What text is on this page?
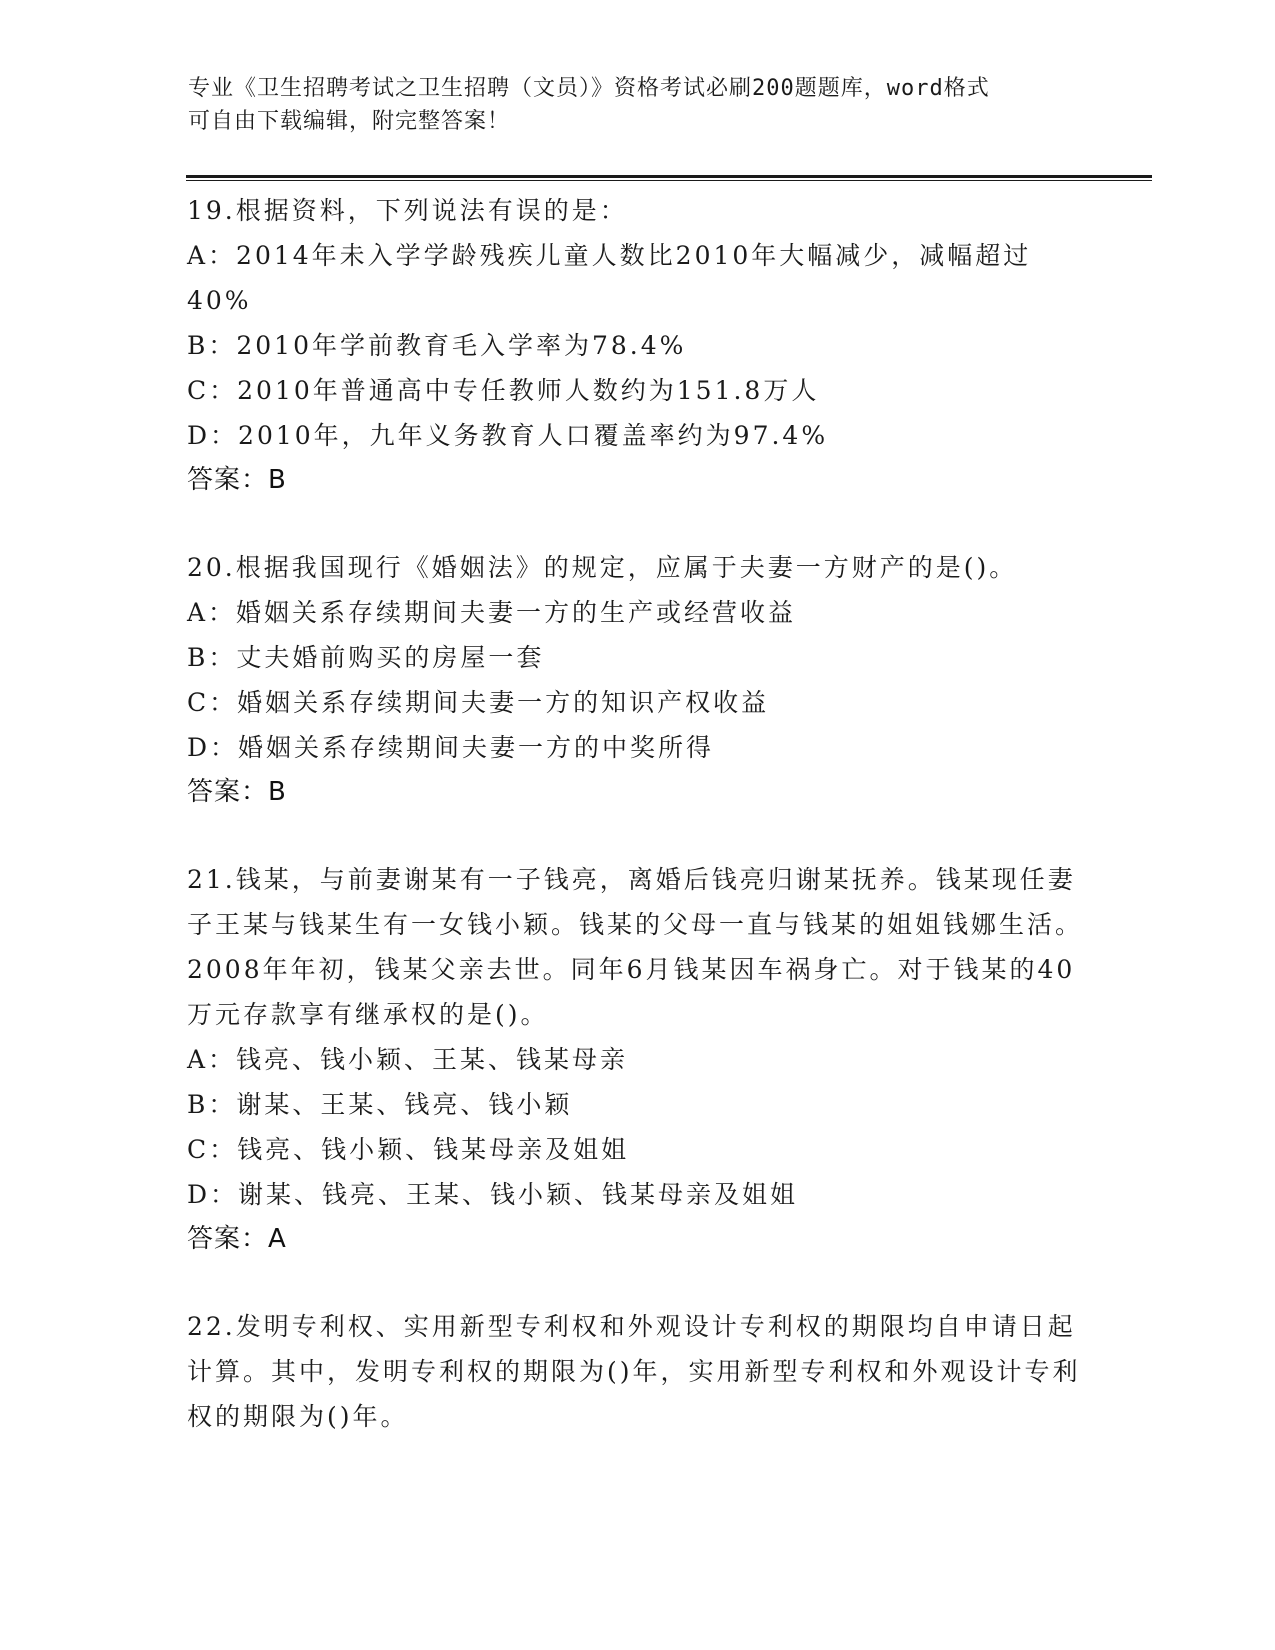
专业《卫生招聘考试之卫生招聘（文员）》资格考试必刷200题题库，word格式
可自由下载编辑，附完整答案！
19.根据资料，下列说法有误的是：
A：2014年未入学学龄残疾儿童人数比2010年大幅减少，减幅超过40%
B：2010年学前教育毛入学率为78.4%
C：2010年普通高中专任教师人数约为151.8万人
D：2010年，九年义务教育人口覆盖率约为97.4%
答案：B
20.根据我国现行《婚姻法》的规定，应属于夫妻一方财产的是()。
A：婚姻关系存续期间夫妻一方的生产或经营收益
B：丈夫婚前购买的房屋一套
C：婚姻关系存续期间夫妻一方的知识产权收益
D：婚姻关系存续期间夫妻一方的中奖所得
答案：B
21.钱某，与前妻谢某有一子钱亮，离婚后钱亮归谢某抚养。钱某现任妻子王某与钱某生有一女钱小颖。钱某的父母一直与钱某的姐姐钱娜生活。2008年年初，钱某父亲去世。同年6月钱某因车祸身亡。对于钱某的40万元存款享有继承权的是()。
A：钱亮、钱小颖、王某、钱某母亲
B：谢某、王某、钱亮、钱小颖
C：钱亮、钱小颖、钱某母亲及姐姐
D：谢某、钱亮、王某、钱小颖、钱某母亲及姐姐
答案：A
22.发明专利权、实用新型专利权和外观设计专利权的期限均自申请日起计算。其中，发明专利权的期限为()年，实用新型专利权和外观设计专利权的期限为()年。
